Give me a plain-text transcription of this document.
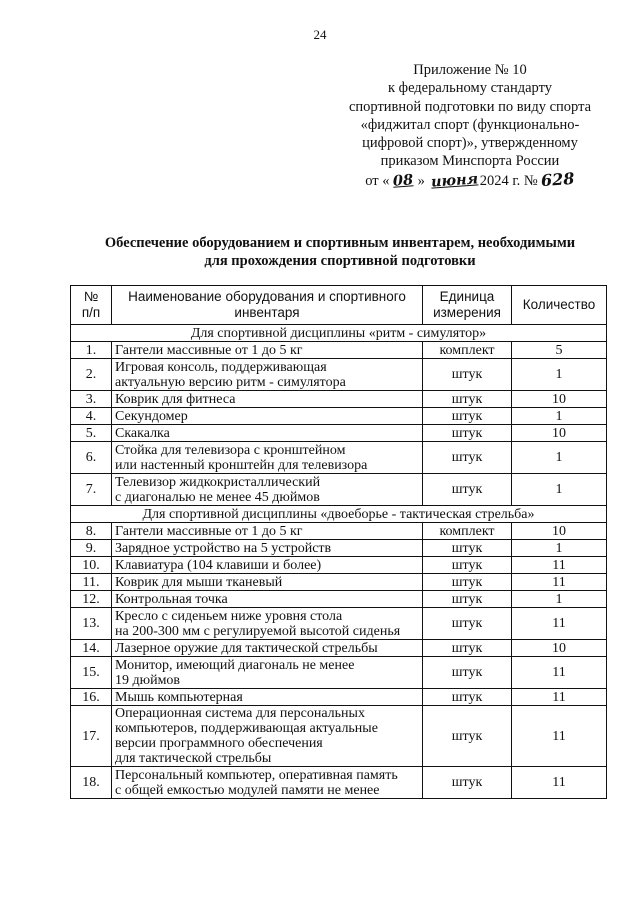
24
Приложение № 10
к федеральному стандарту
спортивной подготовки по виду спорта
«фиджитал спорт (функционально-
цифровой спорт)», утвержденному
приказом Минспорта России
от « 08 » июня 2024 г. № 628
Обеспечение оборудованием и спортивным инвентарем, необходимыми
для прохождения спортивной подготовки
№
п/п	Наименование оборудования и спортивного инвентаря	Единица измерения	Количество
Для спортивной дисциплины «ритм - симулятор»			
1.	Гантели массивные от 1 до 5 кг	комплект	5
2.	Игровая консоль, поддерживающая
актуальную версию ритм - симулятора	штук	1
3.	Коврик для фитнеса	штук	10
4.	Секундомер	штук	1
5.	Скакалка	штук	10
6.	Стойка для телевизора с кронштейном
или настенный кронштейн для телевизора	штук	1
7.	Телевизор жидкокристаллический
с диагональю не менее 45 дюймов	штук	1
Для спортивной дисциплины «двоеборье - тактическая стрельба»			
8.	Гантели массивные от 1 до 5 кг	комплект	10
9.	Зарядное устройство на 5 устройств	штук	1
10.	Клавиатура (104 клавиши и более)	штук	11
11.	Коврик для мыши тканевый	штук	11
12.	Контрольная точка	штук	1
13.	Кресло с сиденьем ниже уровня стола
на 200-300 мм с регулируемой высотой сиденья	штук	11
14.	Лазерное оружие для тактической стрельбы	штук	10
15.	Монитор, имеющий диагональ не менее
19 дюймов	штук	11
16.	Мышь компьютерная	штук	11
17.	Операционная система для персональных
компьютеров, поддерживающая актуальные
версии программного обеспечения
для тактической стрельбы	штук	11
18.	Персональный компьютер, оперативная память
с общей емкостью модулей памяти не менее	штук	11
